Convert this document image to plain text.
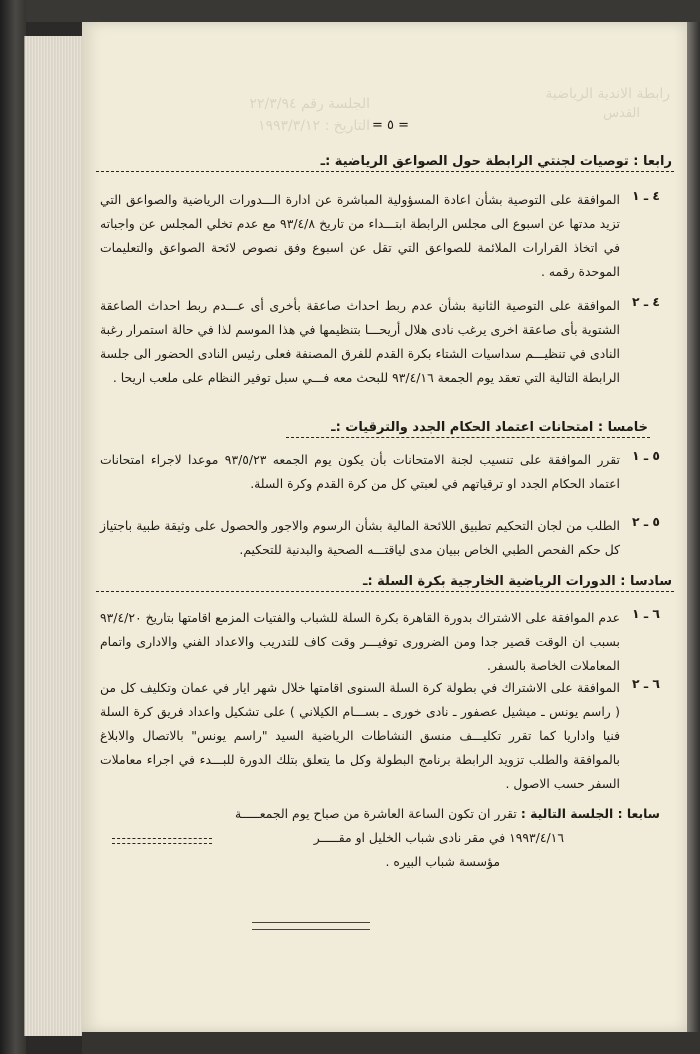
رابطة الاندية الرياضية
القدس
الجلسة رقم ٢٢/٣/٩٤
التاريخ : ١٩٩٣/٣/١٢ = ٥ =
رابعا : توصيات لجنتي الرابطة حول الصواعق الرياضية :ـ
٤ ـ ١
الموافقة على التوصية بشأن اعادة المسؤولية المباشرة عن ادارة الـــدورات الرياضية والصواعق التي تزيد مدتها عن اسبوع الى مجلس الرابطة ابتـــداء من تاريخ ٩٣/٤/٨ مع عدم تخلي المجلس عن واجباته في اتخاذ القرارات الملائمة للصواعق التي تقل عن اسبوع وفق نصوص لائحة الصواعق والتعليمات الموحدة رقمه .
٤ ـ ٢
الموافقة على التوصية الثانية بشأن عدم ربط احداث صاعقة بأخرى أى عـــدم ربط احداث الصاعقة الشتوية بأى صاعقة اخرى يرغب نادى هلال أريحـــا بتنظيمها في هذا الموسم لذا في حالة استمرار رغبة النادى في تنظيـــم سداسيات الشتاء بكرة القدم للفرق المصنفة فعلى رئيس النادى الحضور الى جلسة الرابطة التالية التي تعقد يوم الجمعة ٩٣/٤/١٦ للبحث معه فـــي سبل توفير النظام على ملعب اريحا .
خامسا : امتحانات اعتماد الحكام الجدد والترقيات :ـ
٥ ـ ١
تقرر الموافقة على تنسيب لجنة الامتحانات بأن يكون يوم الجمعه ٩٣/٥/٢٣ موعدا لاجراء امتحانات اعتماد الحكام الجدد او ترقياتهم في لعبتي كل من كرة القدم وكرة السلة.
٥ ـ ٢
الطلب من لجان التحكيم تطبيق اللائحة المالية بشأن الرسوم والاجور والحصول على وثيقة طبية باجتياز كل حكم الفحص الطبي الخاص ببيان مدى لياقتـــه الصحية والبدنية للتحكيم.
سادسا : الدورات الرياضية الخارجية بكرة السلة :ـ
٦ ـ ١
عدم الموافقة على الاشتراك بدورة القاهرة بكرة السلة للشباب والفتيات المزمع اقامتها بتاريخ ٩٣/٤/٢٠ بسبب ان الوقت قصير جدا ومن الضرورى توفيـــر وقت كاف للتدريب والاعداد الفني والادارى واتمام المعاملات الخاصة بالسفر.
٦ ـ ٢
الموافقة على الاشتراك في بطولة كرة السلة السنوى اقامتها خلال شهر ايار في عمان وتكليف كل من ( راسم يونس ـ ميشيل عصفور ـ نادى خورى ـ بســـام الكيلاني ) على تشكيل واعداد فريق كرة السلة فنيا واداريا كما تقرر تكليـــف منسق النشاطات الرياضية السيد "راسم يونس" بالاتصال والابلاغ بالموافقة والطلب تزويد الرابطة برنامج البطولة وكل ما يتعلق بتلك الدورة للبـــدء في اجراء معاملات السفر حسب الاصول .
سابعا : الجلسة التالية : تقرر ان تكون الساعة العاشرة من صباح يوم الجمعـــــة
١٩٩٣/٤/١٦ في مقر نادى شباب الخليل او مقـــــر
مؤسسة شباب البيره .
